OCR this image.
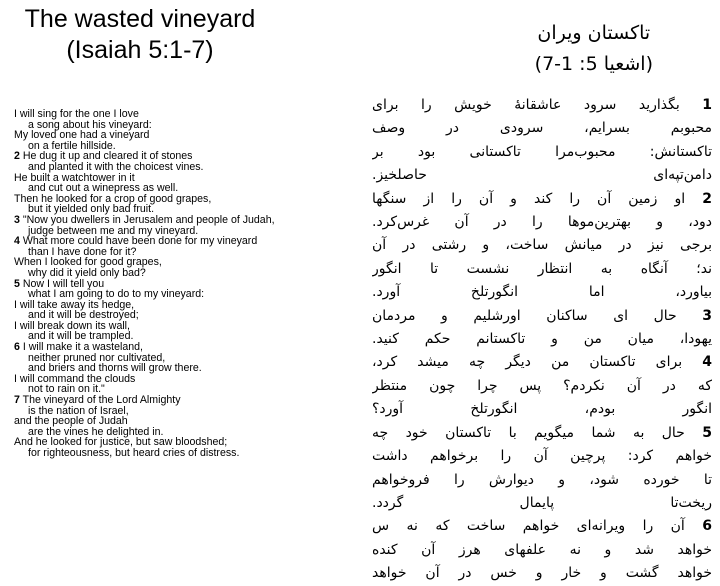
The wasted vineyard
(Isaiah 5:1-7)
I will sing for the one I love
a song about his vineyard:
My loved one had a vineyard
on a fertile hillside.
2 He dug it up and cleared it of stones
and planted it with the choicest vines.
He built a watchtower in it
and cut out a winepress as well.
Then he looked for a crop of good grapes,
but it yielded only bad fruit.
3 "Now you dwellers in Jerusalem and people of Judah,
judge between me and my vineyard.
4 What more could have been done for my vineyard
than I have done for it?
When I looked for good grapes,
why did it yield only bad?
5 Now I will tell you
what I am going to do to my vineyard:
I will take away its hedge,
and it will be destroyed;
I will break down its wall,
and it will be trampled.
6 I will make it a wasteland,
neither pruned nor cultivated,
and briers and thorns will grow there.
I will command the clouds
not to rain on it."
7 The vineyard of the Lord Almighty
is the nation of Israel,
and the people of Judah
are the vines he delighted in.
And he looked for justice, but saw bloodshed;
for righteousness, but heard cries of distress.
تاکستان ویران
(اشعیا 5: 1-7)
1 بگذارید سرود عاشقانهٔ خویش را برای
محبوبم بسرایم، سرودی در وصف
تاکستانش: محبوب‌مرا تاکستانی بود بر
دامن‌تپه‌ای حاصلخیز.
2 او زمین آن را کند و آن را از سنگها
دود، و بهترین‌موها را در آن غرس‌کرد.
برجی نیز در میانش ساخت، و رشتی در آن
ند؛ آنگاه به انتظار نشست تا انگور
بیاورد، اما انگورتلخ آورد.
3 حال ای ساکنان اورشلیم و مردمان
یهودا، میان من و تاکستانم حکم کنید.
4 برای تاکستان من دیگر چه میشد کرد،
که در آن نکردم؟ پس چرا چون منتظر
انگور بودم، انگورتلخ آورد؟
5 حال به شما میگویم با تاکستان خود چه
خواهم کرد: پرچین آن را برخواهم داشت
تا خورده شود، و دیوارش را فروخواهم
ریخت‌تا پایمال گردد.
6 آن را ویرانه‌ای خواهم ساخت که نه س
خواهد شد و نه علفهای هرز آن کنده
خواهد گشت و خار و خس در آن خواهد
